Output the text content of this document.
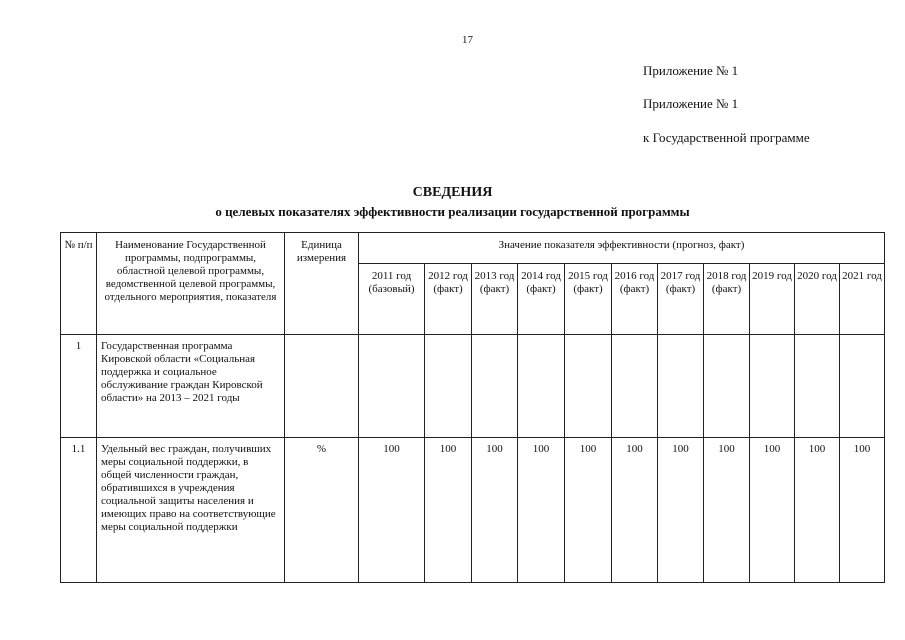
17
Приложение № 1
Приложение № 1
к Государственной программе
СВЕДЕНИЯ
о целевых показателях эффективности реализации государственной программы
№ п/п	Наименование Государственной программы, подпрограммы, областной целевой программы, ведомственной целевой программы, отдельного мероприятия, показателя	Единица измерения	Значение показателя эффективности (прогноз, факт)										
			2011 год (базовый)	2012 год (факт)	2013 год (факт)	2014 год (факт)	2015 год (факт)	2016 год (факт)	2017 год (факт)	2018 год (факт)	2019 год	2020 год	2021 год
1	Государственная программа Кировской области «Социальная поддержка и социальное обслуживание граждан Кировской области» на 2013 – 2021 годы												
1.1	Удельный вес граждан, получивших меры социальной поддержки, в общей численности граждан, обратившихся в учреждения социальной защиты населения и имеющих право на соответствующие меры социальной поддержки	%	100	100	100	100	100	100	100	100	100	100	100
